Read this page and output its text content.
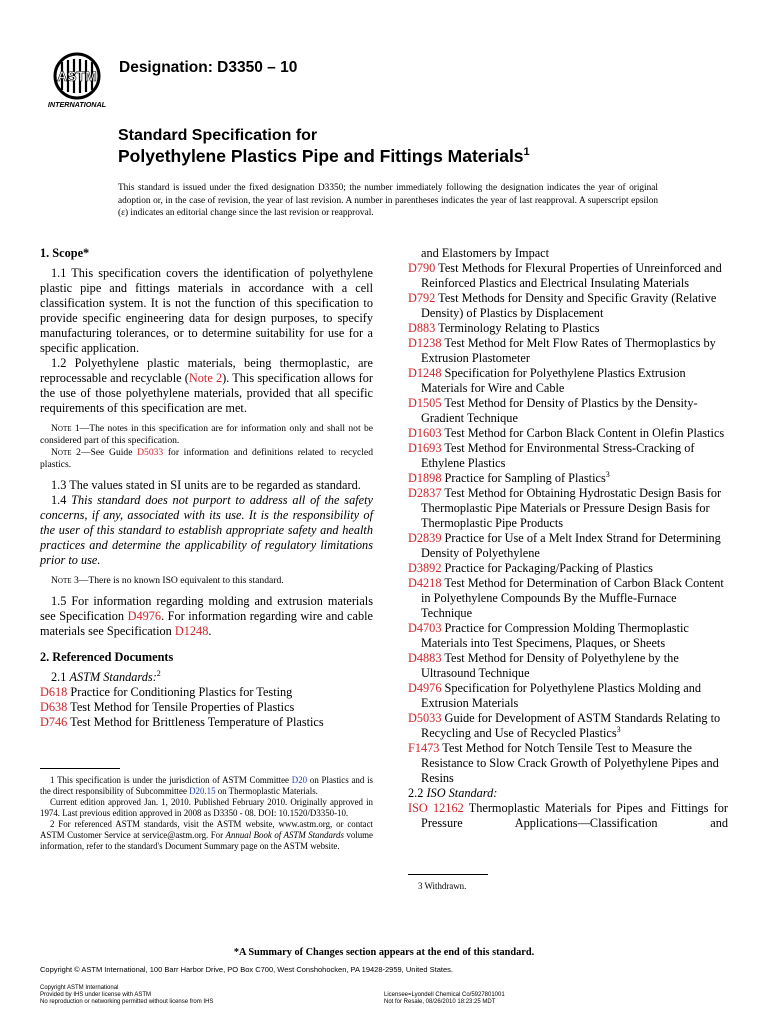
ASTM
INTERNATIONAL
Designation: D3350 – 10
Standard Specification for
Polyethylene Plastics Pipe and Fittings Materials$^1$
This standard is issued under the fixed designation D3350; the number immediately following the designation indicates the year of original adoption or, in the case of revision, the year of last revision. A number in parentheses indicates the year of last reapproval. A superscript epsilon (ε) indicates an editorial change since the last revision or reapproval.
1. Scope*

1.1 This specification covers the identification of polyethylene plastic pipe and fittings materials in accordance with a cell classification system. It is not the function of this specification to provide specific engineering data for design purposes, to specify manufacturing tolerances, or to determine suitability for use for a specific application.

1.2 Polyethylene plastic materials, being thermoplastic, are reprocessable and recyclable (Note 2). This specification allows for the use of those polyethylene materials, provided that all specific requirements of this specification are met.

Note 1—The notes in this specification are for information only and shall not be considered part of this specification.

Note 2—See Guide D5033 for information and definitions related to recycled plastics.

1.3 The values stated in SI units are to be regarded as standard.

1.4 This standard does not purport to address all of the safety concerns, if any, associated with its use. It is the responsibility of the user of this standard to establish appropriate safety and health practices and determine the applicability of regulatory limitations prior to use.

Note 3—There is no known ISO equivalent to this standard.

1.5 For information regarding molding and extrusion materials see Specification D4976. For information regarding wire and cable materials see Specification D1248.

2. Referenced Documents

2.1 ASTM Standards:$^2$

D618 Practice for Conditioning Plastics for Testing

D638 Test Method for Tensile Properties of Plastics

D746 Test Method for Brittleness Temperature of Plastics

and Elastomers by Impact

D790 Test Methods for Flexural Properties of Unreinforced and Reinforced Plastics and Electrical Insulating Materials

D792 Test Methods for Density and Specific Gravity (Relative Density) of Plastics by Displacement

D883 Terminology Relating to Plastics

D1238 Test Method for Melt Flow Rates of Thermoplastics by Extrusion Plastometer

D1248 Specification for Polyethylene Plastics Extrusion Materials for Wire and Cable

D1505 Test Method for Density of Plastics by the Density-Gradient Technique

D1603 Test Method for Carbon Black Content in Olefin Plastics

D1693 Test Method for Environmental Stress-Cracking of Ethylene Plastics

D1898 Practice for Sampling of Plastics$^3$

D2837 Test Method for Obtaining Hydrostatic Design Basis for Thermoplastic Pipe Materials or Pressure Design Basis for Thermoplastic Pipe Products

D2839 Practice for Use of a Melt Index Strand for Determining Density of Polyethylene

D3892 Practice for Packaging/Packing of Plastics

D4218 Test Method for Determination of Carbon Black Content in Polyethylene Compounds By the Muffle-Furnace Technique

D4703 Practice for Compression Molding Thermoplastic Materials into Test Specimens, Plaques, or Sheets

D4883 Test Method for Density of Polyethylene by the Ultrasound Technique

D4976 Specification for Polyethylene Plastics Molding and Extrusion Materials

D5033 Guide for Development of ASTM Standards Relating to Recycling and Use of Recycled Plastics$^3$

F1473 Test Method for Notch Tensile Test to Measure the Resistance to Slow Crack Growth of Polyethylene Pipes and Resins

2.2 ISO Standard:

ISO 12162 Thermoplastic Materials for Pipes and Fittings for Pressure Applications—Classification and

1 This specification is under the jurisdiction of ASTM Committee D20 on Plastics and is the direct responsibility of Subcommittee D20.15 on Thermoplastic Materials.

Current edition approved Jan. 1, 2010. Published February 2010. Originally approved in 1974. Last previous edition approved in 2008 as D3350 - 08. DOI: 10.1520/D3350-10.

2 For referenced ASTM standards, visit the ASTM website, www.astm.org, or contact ASTM Customer Service at service@astm.org. For Annual Book of ASTM Standards volume information, refer to the standard's Document Summary page on the ASTM website.

3 Withdrawn.
*A Summary of Changes section appears at the end of this standard.
Copyright © ASTM International, 100 Barr Harbor Drive, PO Box C700, West Conshohocken, PA 19428-2959, United States.
Copyright ASTM International
Provided by IHS under license with ASTM
No reproduction or networking permitted without license from IHS
Licensee=Lyondell Chemical Co/5927801001
Not for Resale, 08/26/2010 18:23:25 MDT
